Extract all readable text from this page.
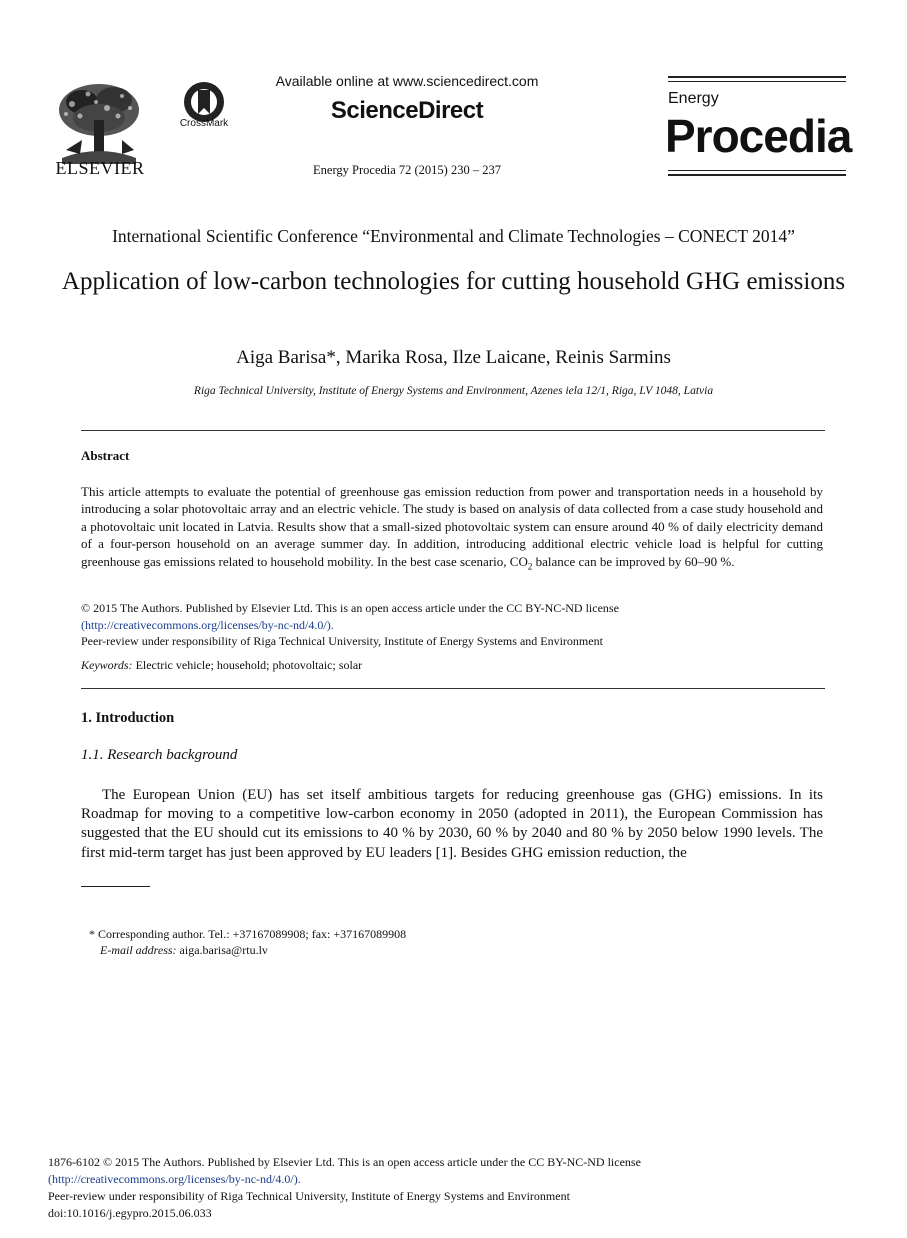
ELSEVIER
CrossMark
Available online at www.sciencedirect.com
ScienceDirect
Energy Procedia 72 (2015) 230 – 237
Energy
Procedia
International Scientific Conference “Environmental and Climate Technologies – CONECT 2014”
Application of low-carbon technologies for cutting household GHG emissions
Aiga Barisa*, Marika Rosa, Ilze Laicane, Reinis Sarmins
Riga Technical University, Institute of Energy Systems and Environment, Azenes iela 12/1, Riga, LV 1048, Latvia
Abstract
This article attempts to evaluate the potential of greenhouse gas emission reduction from power and transportation needs in a household by introducing a solar photovoltaic array and an electric vehicle. The study is based on analysis of data collected from a case study household and a photovoltaic unit located in Latvia. Results show that a small-sized photovoltaic system can ensure around 40 % of daily electricity demand of a four-person household on an average summer day. In addition, introducing additional electric vehicle load is helpful for cutting greenhouse gas emissions related to household mobility. In the best case scenario, $CO_2$ balance can be improved by 60–90 %.
© 2015 The Authors. Published by Elsevier Ltd. This is an open access article under the CC BY-NC-ND license
(http://creativecommons.org/licenses/by-nc-nd/4.0/).
Peer-review under responsibility of Riga Technical University, Institute of Energy Systems and Environment
Keywords: Electric vehicle; household; photovoltaic; solar
1. Introduction
1.1. Research background
The European Union (EU) has set itself ambitious targets for reducing greenhouse gas (GHG) emissions. In its Roadmap for moving to a competitive low-carbon economy in 2050 (adopted in 2011), the European Commission has suggested that the EU should cut its emissions to 40 % by 2030, 60 % by 2040 and 80 % by 2050 below 1990 levels. The first mid-term target has just been approved by EU leaders [1]. Besides GHG emission reduction, the
* Corresponding author. Tel.: +37167089908; fax: +37167089908
E-mail address: aiga.barisa@rtu.lv
1876-6102 © 2015 The Authors. Published by Elsevier Ltd. This is an open access article under the CC BY-NC-ND license
(http://creativecommons.org/licenses/by-nc-nd/4.0/).
Peer-review under responsibility of Riga Technical University, Institute of Energy Systems and Environment
doi:10.1016/j.egypro.2015.06.033
